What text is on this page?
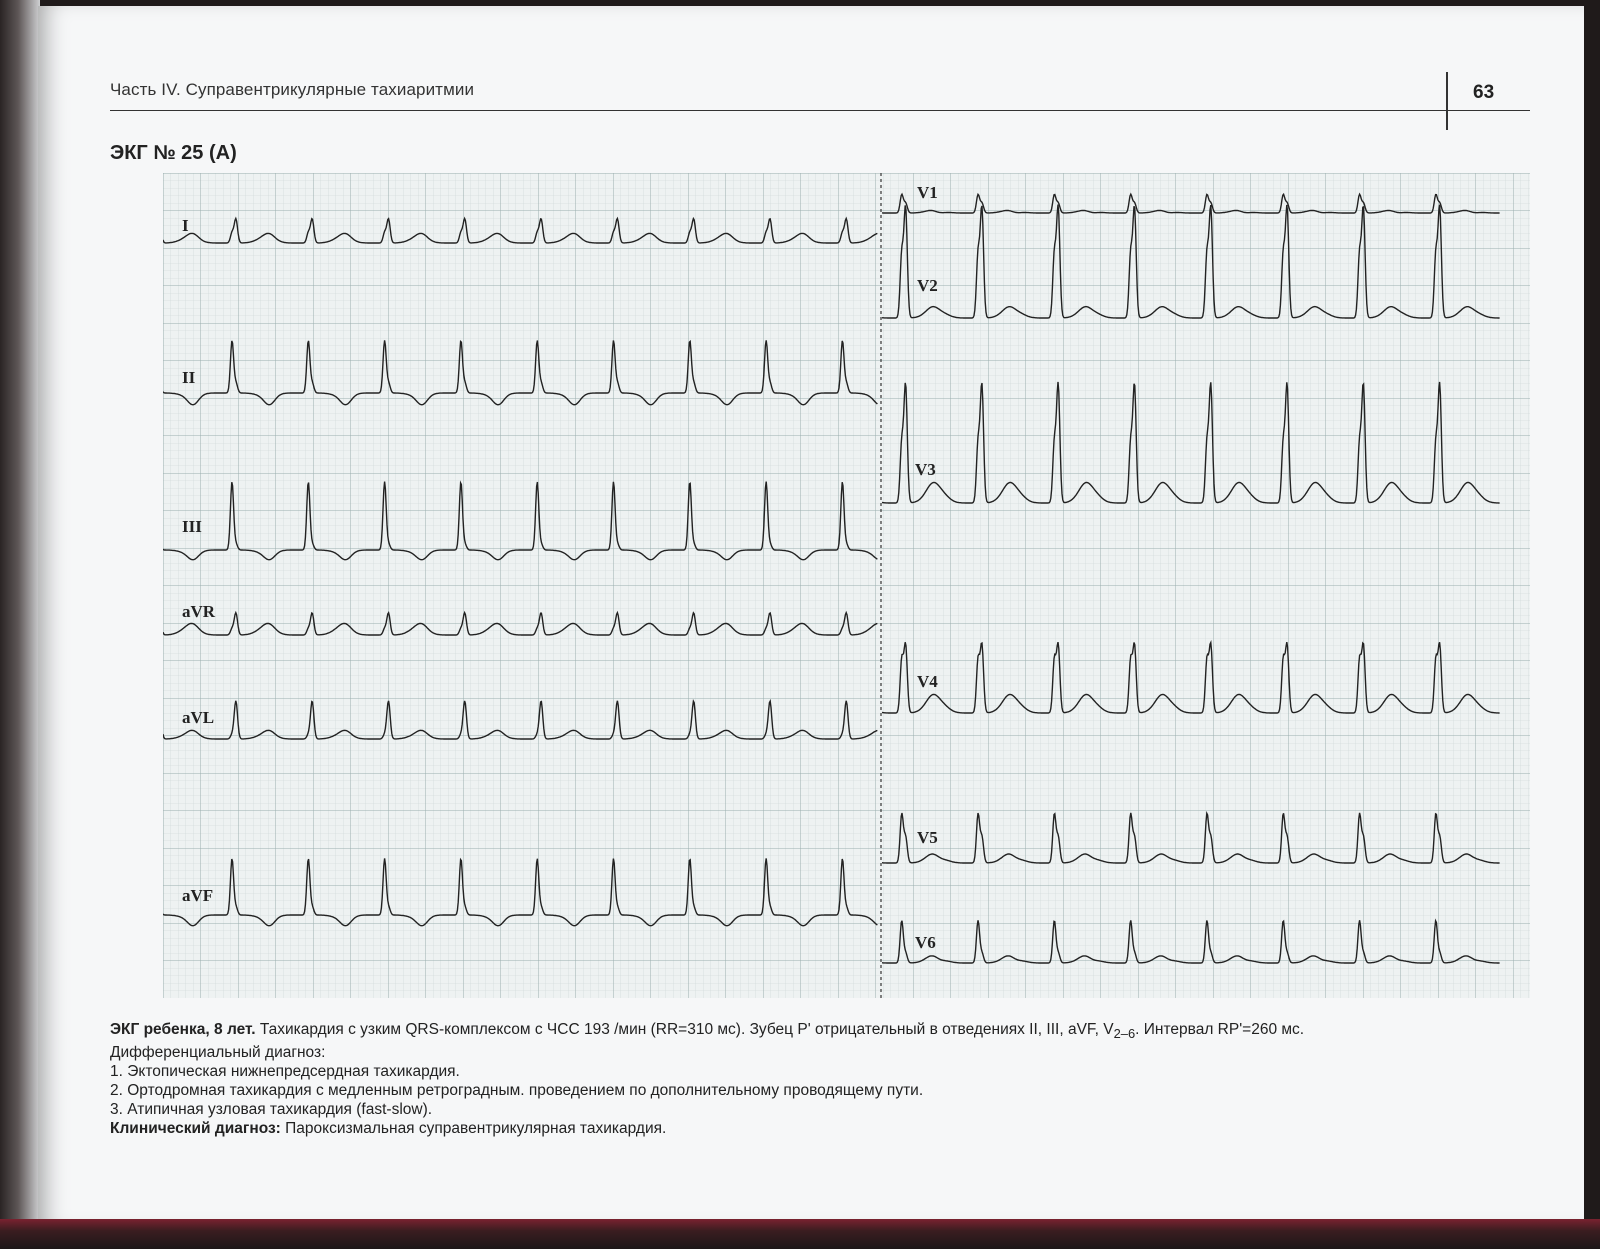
Часть IV. Суправентрикулярные тахиаритмии	63
ЭКГ № 25 (А)
I
II
III
aVR
aVL
aVF
V1
V2
V3
V4
V5
V6

ЭКГ ребенка, 8 лет. Тахикардия с узким QRS-комплексом с ЧСС 193 /мин (RR=310 мс). Зубец Р' отрицательный в отведениях II, III, aVF, $V_{2-6}$. Интервал RP'=260 мс.

Дифференциальный диагноз:

1. Эктопическая нижнепредсердная тахикардия.

2. Ортодромная тахикардия с медленным ретроградным. проведением по дополнительному проводящему пути.

3. Атипичная узловая тахикардия (fast-slow).

Клинический диагноз: Пароксизмальная суправентрикулярная тахикардия.
